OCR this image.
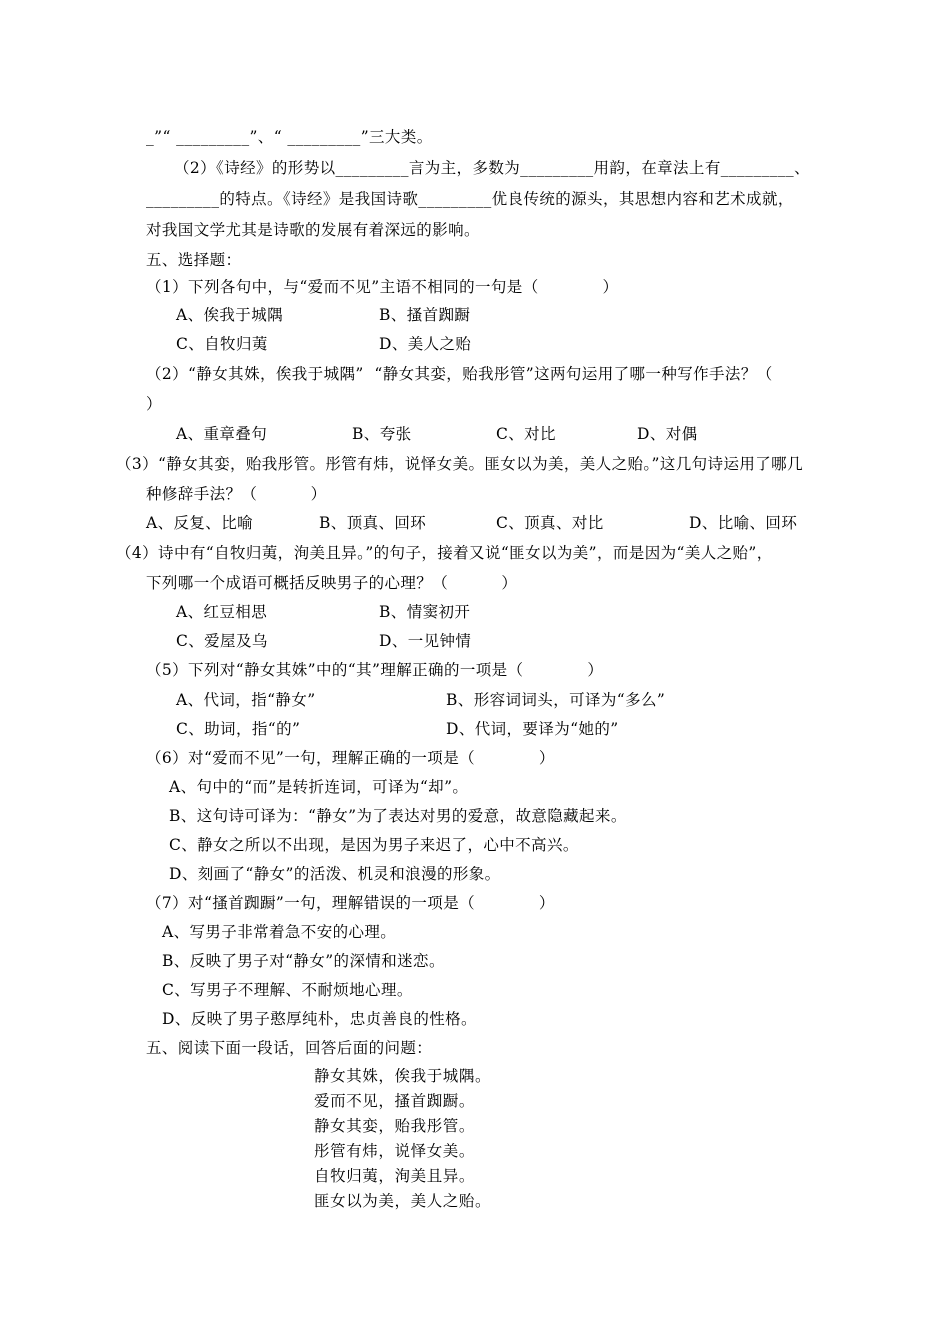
_”“ _________”、“ _________”三大类。
（2）《诗经》的形势以_________言为主，多数为_________用韵，在章法上有_________、
_________的特点。《诗经》是我国诗歌_________优良传统的源头，其思想内容和艺术成就，
对我国文学尤其是诗歌的发展有着深远的影响。
五、选择题：
（1）下列各句中，与“爱而不见”主语不相同的一句是（            ）
A、俟我于城隅	B、搔首踟蹰
C、自牧归荑	D、美人之贻
（2）“静女其姝，俟我于城隅”  “静女其娈，贻我彤管”这两句运用了哪一种写作手法？（
）
A、重章叠句	B、夸张	C、对比	D、对偶
（3）“静女其娈，贻我彤管。彤管有炜，说怿女美。匪女以为美，美人之贻。”这几句诗运用了哪几
种修辞手法？（          ）
A、反复、比喻	B、顶真、回环	C、顶真、对比	D、比喻、回环
（4）诗中有“自牧归荑，洵美且异。”的句子，接着又说“匪女以为美”，而是因为“美人之贻”，
下列哪一个成语可概括反映男子的心理？（          ）
A、红豆相思	B、情窦初开
C、爱屋及乌	D、一见钟情
（5）下列对“静女其姝”中的“其”理解正确的一项是（            ）
A、代词，指“静女”	B、形容词词头，可译为“多么”
C、助词，指“的”	D、代词，要译为“她的”
（6）对“爱而不见”一句，理解正确的一项是（            ）
A、句中的“而”是转折连词，可译为“却”。
B、这句诗可译为：“静女”为了表达对男的爱意，故意隐藏起来。
C、静女之所以不出现，是因为男子来迟了，心中不高兴。
D、刻画了“静女”的活泼、机灵和浪漫的形象。
（7）对“搔首踟蹰”一句，理解错误的一项是（            ）
A、写男子非常着急不安的心理。
B、反映了男子对“静女”的深情和迷恋。
C、写男子不理解、不耐烦地心理。
D、反映了男子憨厚纯朴，忠贞善良的性格。
五、阅读下面一段话，回答后面的问题：
静女其姝，俟我于城隅。
爱而不见，搔首踟蹰。
静女其娈，贻我彤管。
彤管有炜，说怿女美。
自牧归荑，洵美且异。
匪女以为美，美人之贻。
